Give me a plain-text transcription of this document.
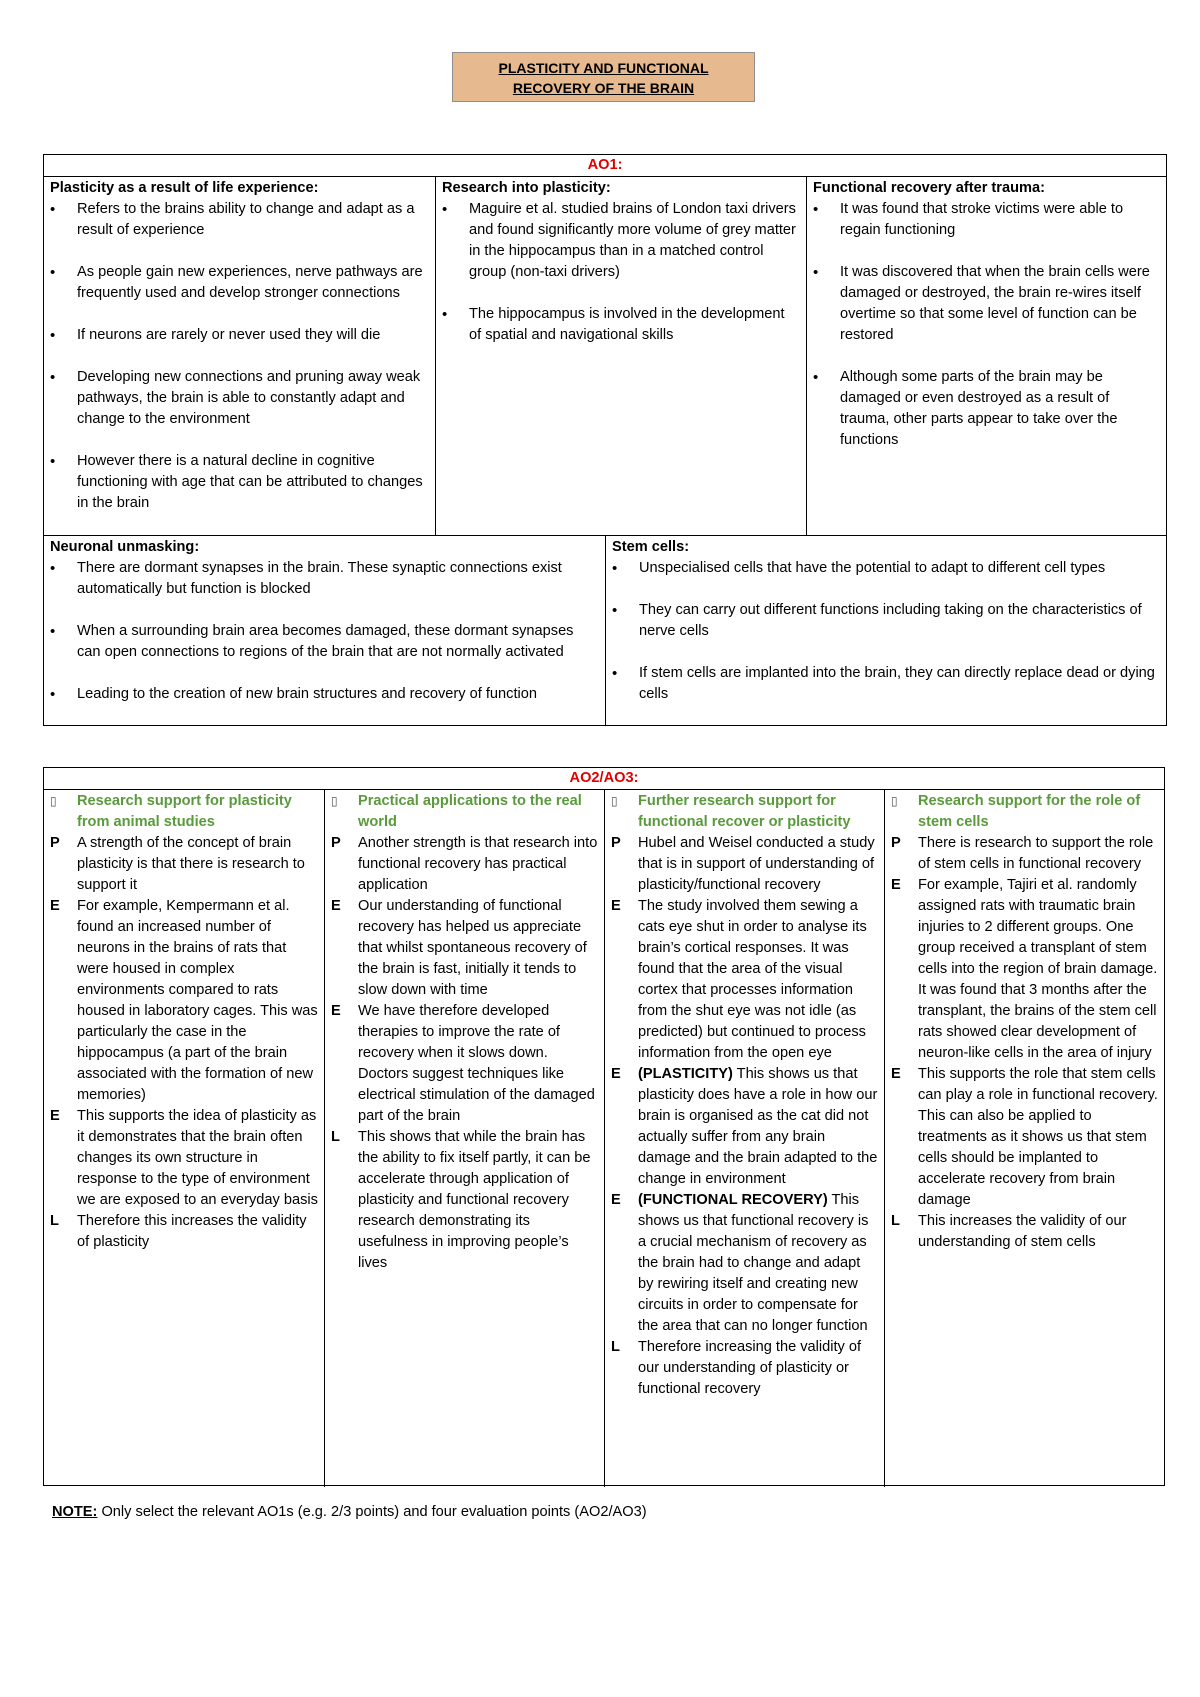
PLASTICITY AND FUNCTIONAL
RECOVERY OF THE BRAIN
AO1:
Plasticity as a result of life experience:
• Refers to the brains ability to change and adapt as a result of experience
• As people gain new experiences, nerve pathways are frequently used and develop stronger connections
• If neurons are rarely or never used they will die
• Developing new connections and pruning away weak pathways, the brain is able to constantly adapt and change to the environment
• However there is a natural decline in cognitive functioning with age that can be attributed to changes in the brain
Research into plasticity:
• Maguire et al. studied brains of London taxi drivers and found significantly more volume of grey matter in the hippocampus than in a matched control group (non-taxi drivers)
• The hippocampus is involved in the development of spatial and navigational skills
Functional recovery after trauma:
• It was found that stroke victims were able to regain functioning
• It was discovered that when the brain cells were damaged or destroyed, the brain re-wires itself overtime so that some level of function can be restored
• Although some parts of the brain may be damaged or even destroyed as a result of trauma, other parts appear to take over the functions
Neuronal unmasking:
• There are dormant synapses in the brain. These synaptic connections exist automatically but function is blocked
• When a surrounding brain area becomes damaged, these dormant synapses can open connections to regions of the brain that are not normally activated
• Leading to the creation of new brain structures and recovery of function
Stem cells:
• Unspecialised cells that have the potential to adapt to different cell types
• They can carry out different functions including taking on the characteristics of nerve cells
• If stem cells are implanted into the brain, they can directly replace dead or dying cells
AO2/AO3:
▯ Research support for plasticity from animal studies
P A strength of the concept of brain plasticity is that there is research to support it
E For example, Kempermann et al. found an increased number of neurons in the brains of rats that were housed in complex environments compared to rats housed in laboratory cages. This was particularly the case in the hippocampus (a part of the brain associated with the formation of new memories)
E This supports the idea of plasticity as it demonstrates that the brain often changes its own structure in response to the type of environment we are exposed to an everyday basis
L Therefore this increases the validity of plasticity
▯ Practical applications to the real world
P Another strength is that research into functional recovery has practical application
E Our understanding of functional recovery has helped us appreciate that whilst spontaneous recovery of the brain is fast, initially it tends to slow down with time
E We have therefore developed therapies to improve the rate of recovery when it slows down. Doctors suggest techniques like electrical stimulation of the damaged part of the brain
L This shows that while the brain has the ability to fix itself partly, it can be accelerate through application of plasticity and functional recovery research demonstrating its usefulness in improving people’s lives
▯ Further research support for functional recover or plasticity
P Hubel and Weisel conducted a study that is in support of understanding of plasticity/functional recovery
E The study involved them sewing a cats eye shut in order to analyse its brain’s cortical responses. It was found that the area of the visual cortex that processes information from the shut eye was not idle (as predicted) but continued to process information from the open eye
E (PLASTICITY) This shows us that plasticity does have a role in how our brain is organised as the cat did not actually suffer from any brain damage and the brain adapted to the change in environment
E (FUNCTIONAL RECOVERY) This shows us that functional recovery is a crucial mechanism of recovery as the brain had to change and adapt by rewiring itself and creating new circuits in order to compensate for the area that can no longer function
L Therefore increasing the validity of our understanding of plasticity or functional recovery
▯ Research support for the role of stem cells
P There is research to support the role of stem cells in functional recovery
E For example, Tajiri et al. randomly assigned rats with traumatic brain injuries to 2 different groups. One group received a transplant of stem cells into the region of brain damage. It was found that 3 months after the transplant, the brains of the stem cell rats showed clear development of neuron-like cells in the area of injury
E This supports the role that stem cells can play a role in functional recovery. This can also be applied to treatments as it shows us that stem cells should be implanted to accelerate recovery from brain damage
L This increases the validity of our understanding of stem cells
NOTE: Only select the relevant AO1s (e.g. 2/3 points) and four evaluation points (AO2/AO3)
